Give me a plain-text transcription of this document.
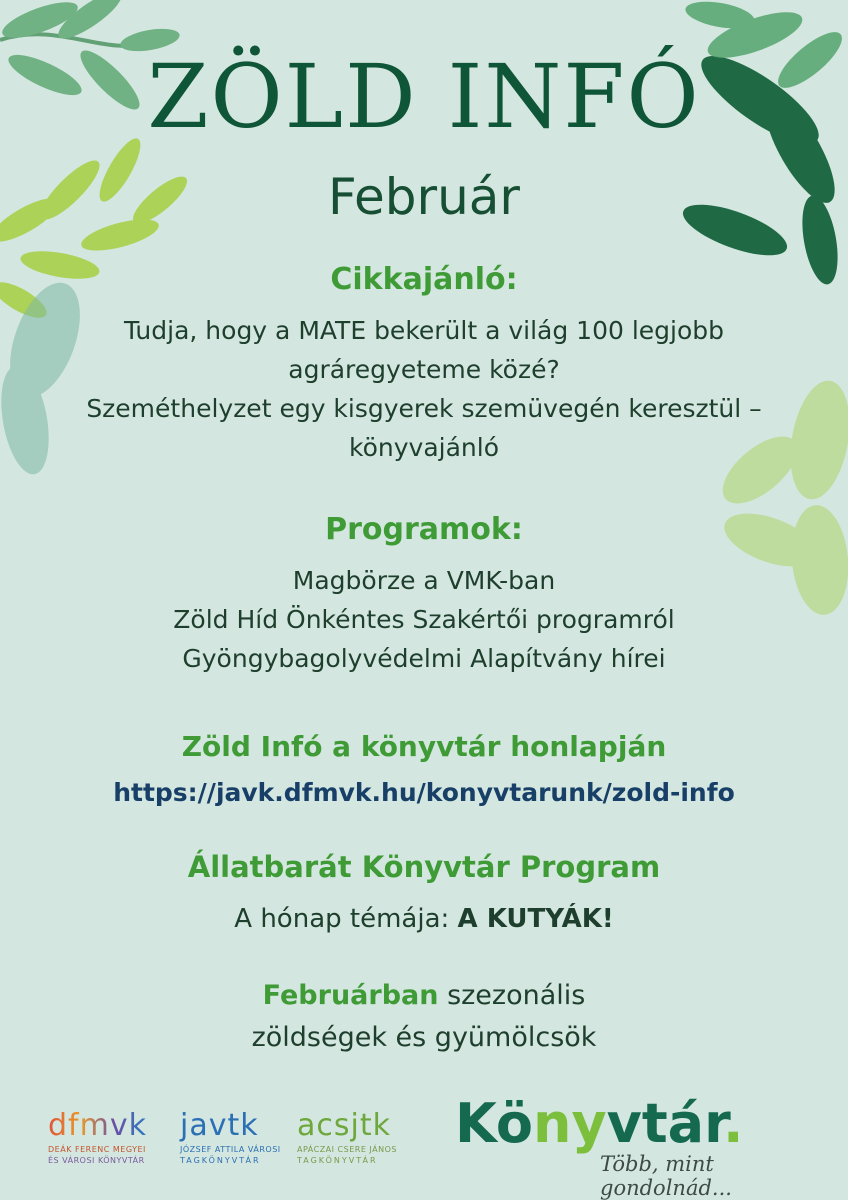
ZÖLD INFÓ
Február
Cikkajánló:
Tudja, hogy a MATE bekerült a világ 100 legjobb
agráregyeteme közé?
Szeméthelyzet egy kisgyerek szemüvegén keresztül –
könyvajánló
Programok:
Magbörze a VMK-ban
Zöld Híd Önkéntes Szakértői programról
Gyöngybagolyvédelmi Alapítvány hírei
Zöld Infó a könyvtár honlapján
https://javk.dfmvk.hu/konyvtarunk/zold-info
Állatbarát Könyvtár Program
A hónap témája: A KUTYÁK!
Februárban szezonális
zöldségek és gyümölcsök
dfmvk
DEÁK FERENC MEGYEI
ÉS VÁROSI KÖNYVTÁR
javtk
JÓZSEF ATTILA VÁROSI
TAGKÖNYVTÁR
acsjtk
APÁCZAI CSERE JÁNOS
TAGKÖNYVTÁR
Könyvtár.
Több, mint gondolnád...
